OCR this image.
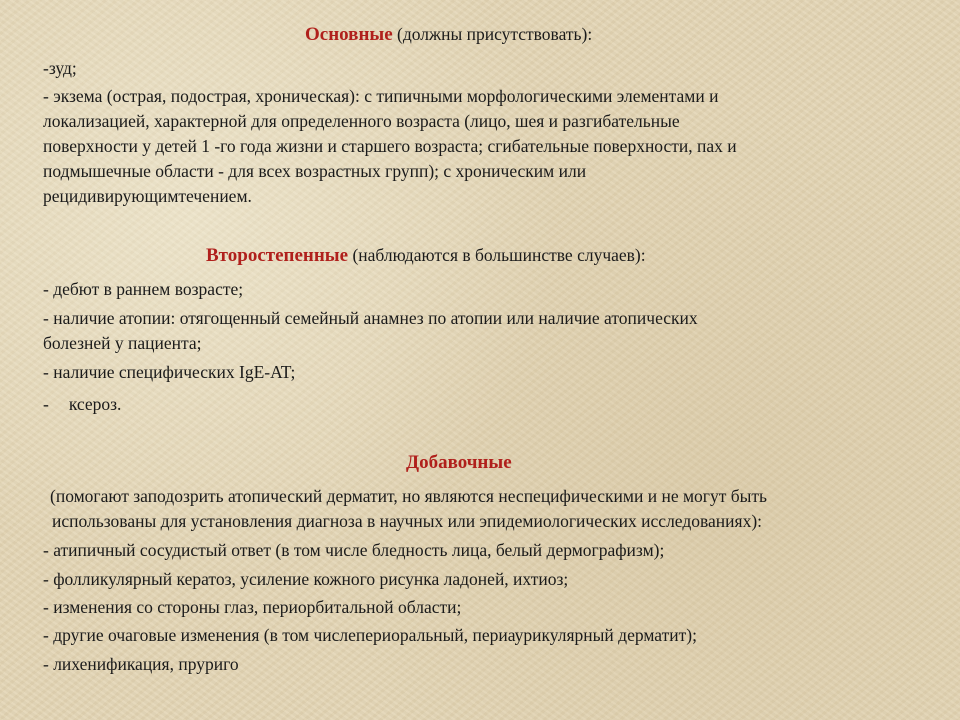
Основные (должны присутствовать):
-зуд;
- экзема (острая, подострая, хроническая): с типичными морфологическими элементами и
локализацией, характерной для определенного возраста (лицо, шея и разгибательные
поверхности у детей 1 -го года жизни и старшего возраста; сгибательные поверхности, пах и
подмышечные области - для всех возрастных групп); с хроническим или
рецидивирующимтечением.
Второстепенные (наблюдаются в большинстве случаев):
- дебют в раннем возрасте;
- наличие атопии: отягощенный семейный анамнез по атопии или наличие атопических
болезней у пациента;
- наличие специфических IgE-AT;
- ксероз.
Добавочные
(помогают заподозрить атопический дерматит, но являются неспецифическими и не могут быть
использованы для установления диагноза в научных или эпидемиологических исследованиях):
- атипичный сосудистый ответ (в том числе бледность лица, белый дермографизм);
- фолликулярный кератоз, усиление кожного рисунка ладоней, ихтиоз;
- изменения со стороны глаз, периорбитальной области;
- другие очаговые изменения (в том числепериоральный, периаурикулярный дерматит);
- лихенификация, пруриго
